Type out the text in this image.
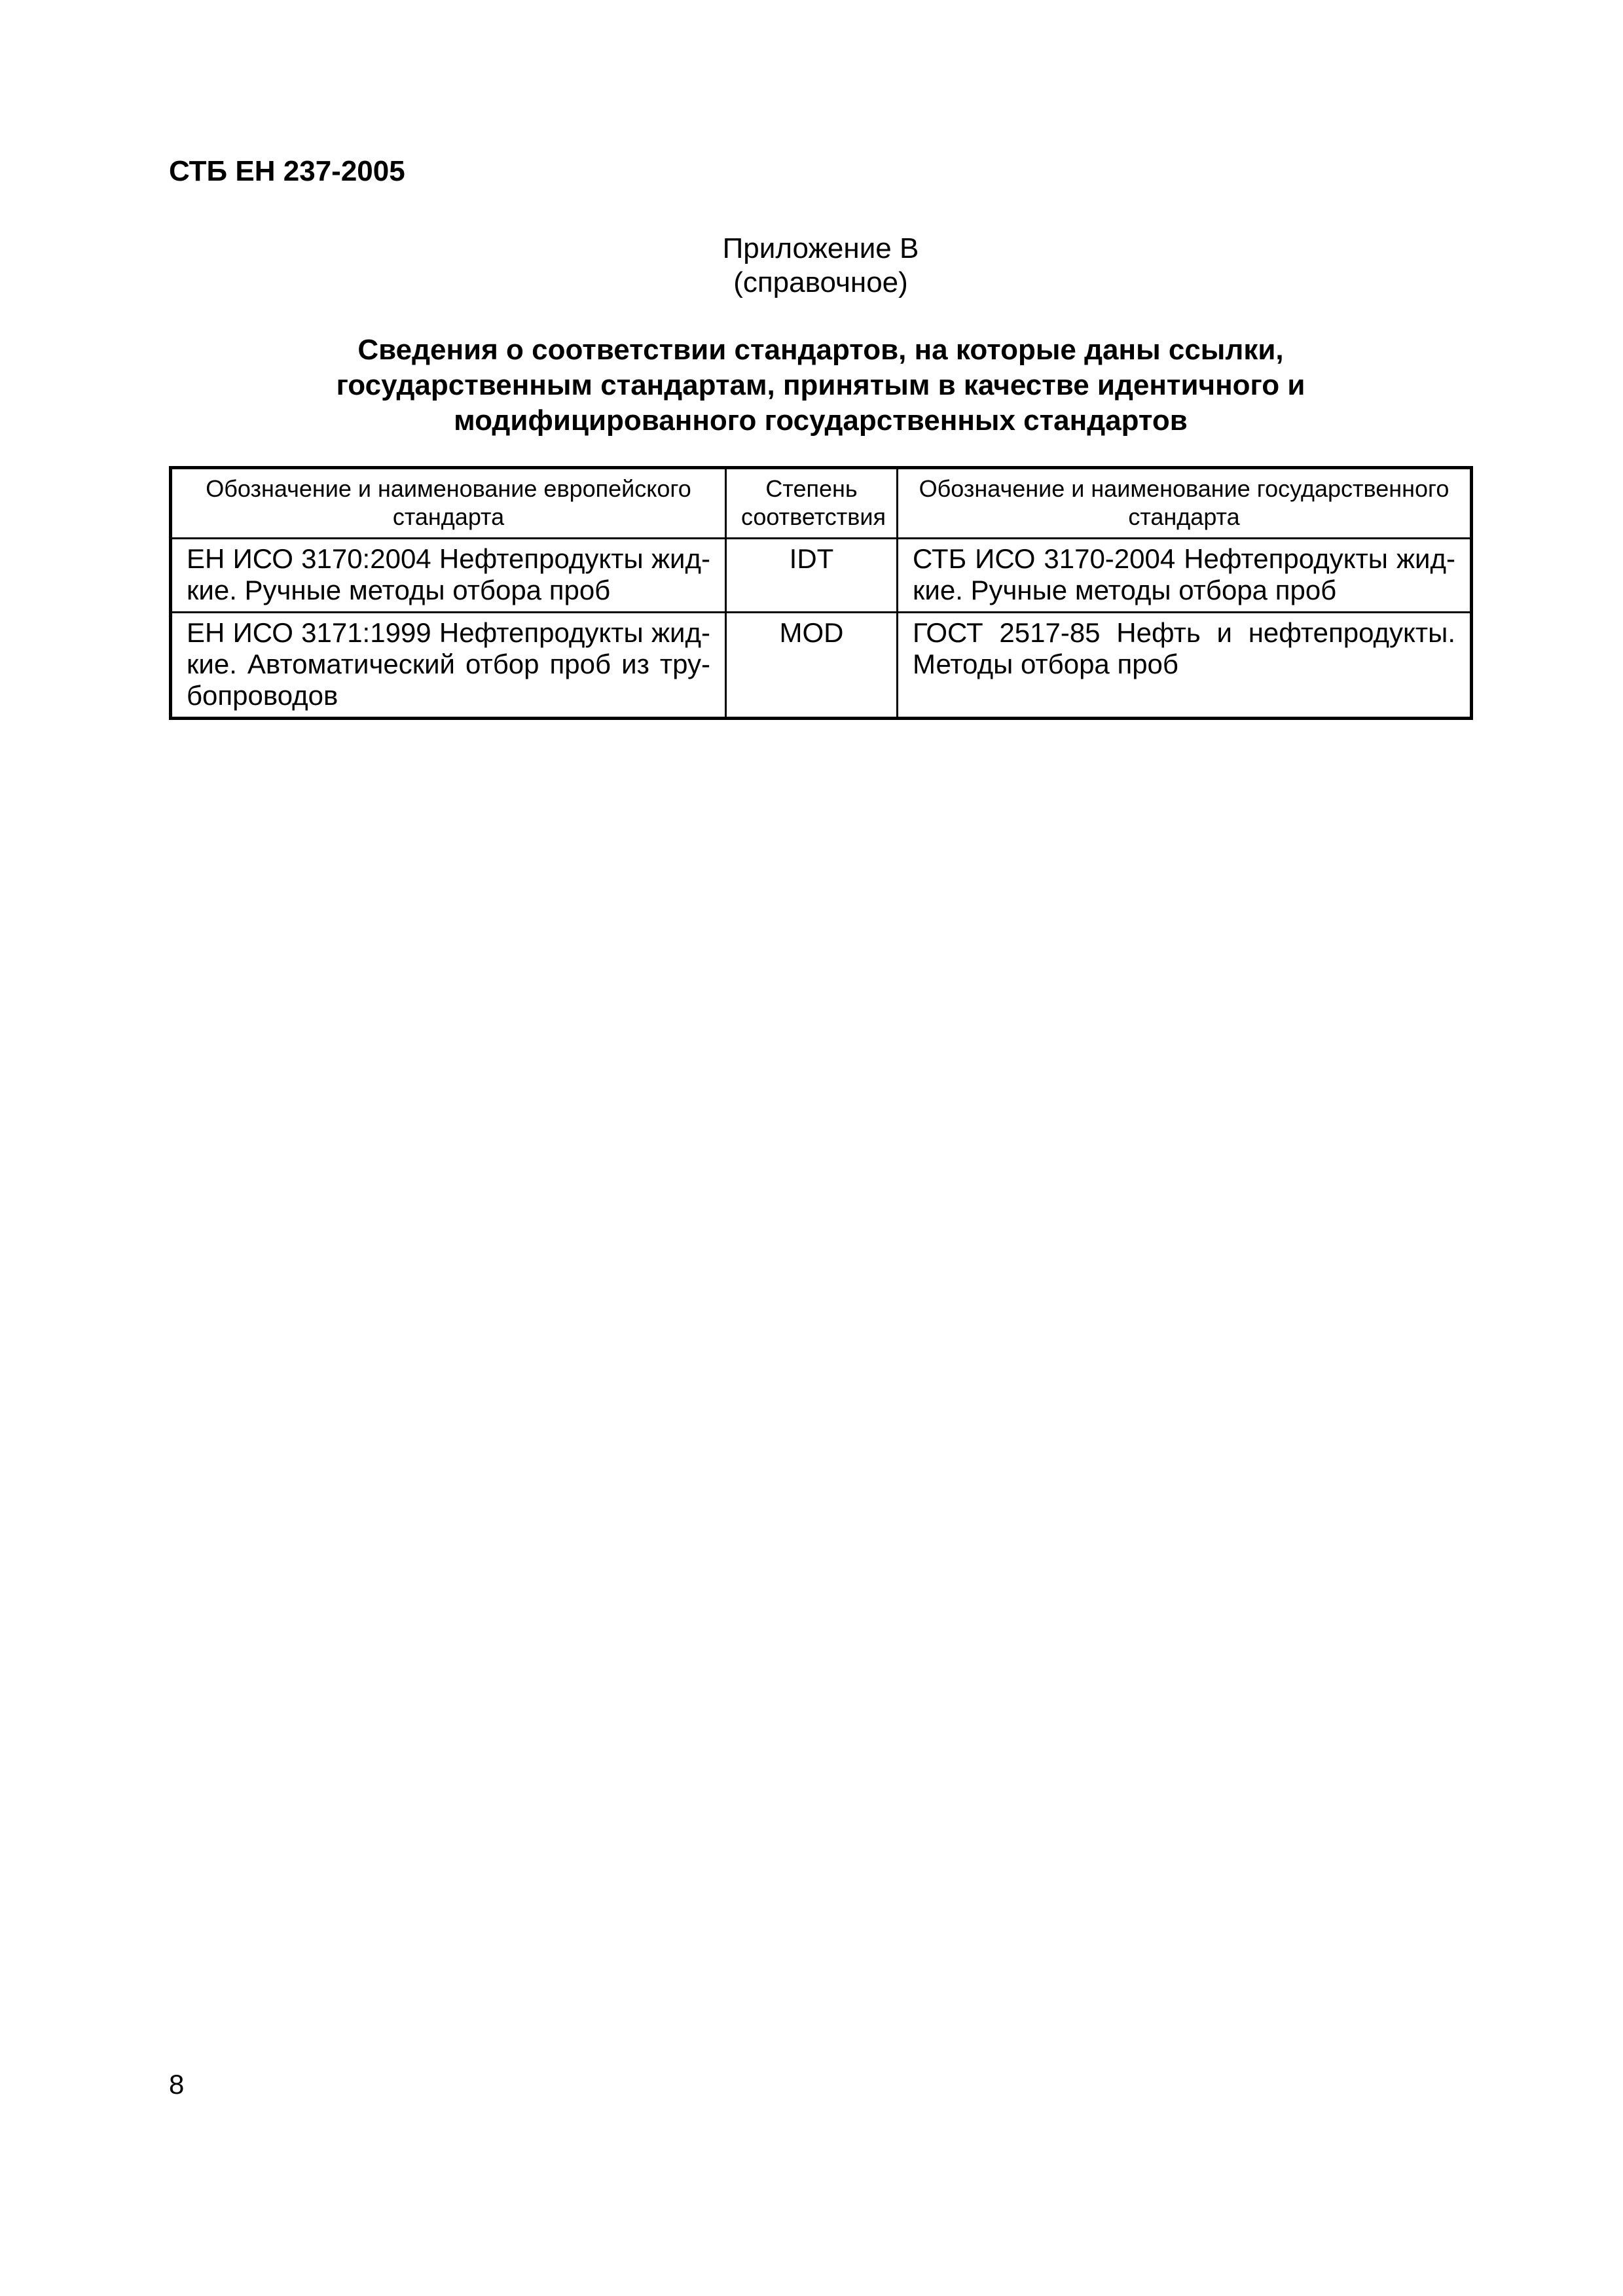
СТБ ЕН 237-2005
Приложение В
(справочное)
Сведения о соответствии стандартов, на которые даны ссылки,
государственным стандартам, принятым в качестве идентичного и
модифицированного государственных стандартов
Обозначение и наименование европейского стандарта	Степень соответствия	Обозначение и наименование государственного стандарта
ЕН ИСО 3170:2004 Нефтепродукты жид-кие. Ручные методы отбора проб	IDT	СТБ ИСО 3170-2004 Нефтепродукты жид-кие. Ручные методы отбора проб
ЕН ИСО 3171:1999 Нефтепродукты жид-кие. Автоматический отбор проб из тру-бопроводов	MOD	ГОСТ 2517-85 Нефть и нефтепродукты. Методы отбора проб
8
